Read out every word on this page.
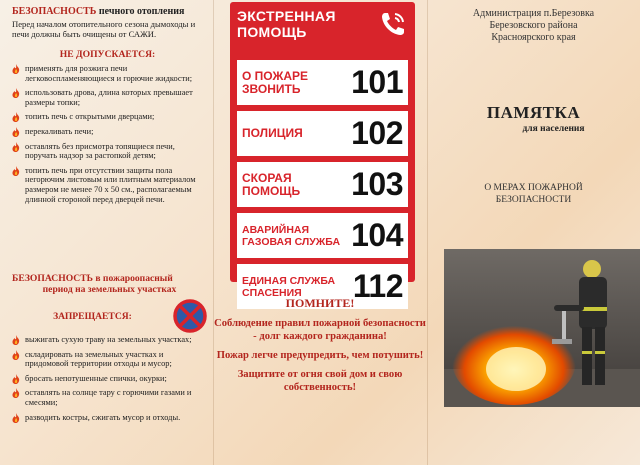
БЕЗОПАСНОСТЬ печного отопления
Перед началом отопительного сезона дымоходы и печи должны быть очищены от САЖИ.
НЕ ДОПУСКАЕТСЯ:
применять для розжига печи легковоспламеняющиеся и горючие жидкости;
использовать дрова, длина которых превышает размеры топки;
топить печь с открытыми дверцами;
перекаливать печи;
оставлять без присмотра топящиеся печи, поручать надзор за растопкой детям;
топить печь при отсутствии защиты пола негорючим листовым или плитным материалом размером не менее 70 х 50 см., располагаемым длинной стороной перед дверцей печи.
БЕЗОПАСНОСТЬ в пожароопасный
период на земельных участках
ЗАПРЕЩАЕТСЯ:
выжигать сухую траву на земельных участках;
складировать на земельных участках и придомовой территории отходы и мусор;
бросать непотушенные спички, окурки;
оставлять на солнце тару с горючими газами и смесями;
разводить костры, сжигать мусор и отходы.
ЭКСТРЕННАЯ
ПОМОЩЬ
О ПОЖАРЕ
ЗВОНИТЬ 101
ПОЛИЦИЯ 102
СКОРАЯ
ПОМОЩЬ 103
АВАРИЙНАЯ
ГАЗОВАЯ СЛУЖБА 104
ЕДИНАЯ СЛУЖБА
СПАСЕНИЯ	112
ПОМНИТЕ!
Соблюдение правил пожарной безопасности - долг каждого гражданина!
Пожар легче предупредить, чем потушить!
Защитите от огня свой дом и свою собственность!
Администрация п.Березовка
Березовского района
Красноярского края
ПАМЯТКА
для населения
О МЕРАХ ПОЖАРНОЙ
БЕЗОПАСНОСТИ
